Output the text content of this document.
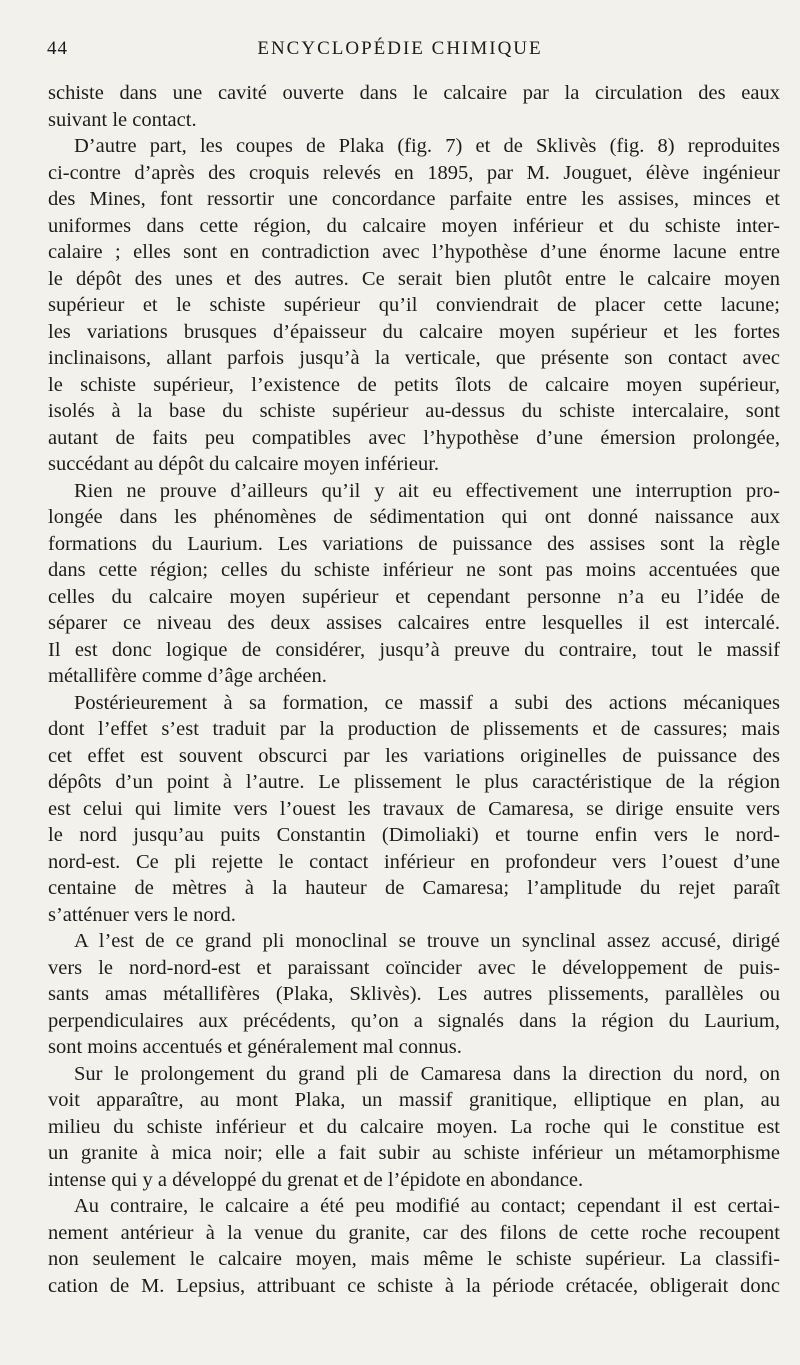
44	ENCYCLOPÉDIE CHIMIQUE

schiste dans une cavité ouverte dans le calcaire par la circulation des eaux
suivant le contact.

D’autre part, les coupes de Plaka (fig. 7) et de Sklivès (fig. 8) reproduites
ci-contre d’après des croquis relevés en 1895, par M. Jouguet, élève ingénieur
des Mines, font ressortir une concordance parfaite entre les assises, minces et
uniformes dans cette région, du calcaire moyen inférieur et du schiste inter-
calaire ; elles sont en contradiction avec l’hypothèse d’une énorme lacune entre
le dépôt des unes et des autres. Ce serait bien plutôt entre le calcaire moyen
supérieur et le schiste supérieur qu’il conviendrait de placer cette lacune;
les variations brusques d’épaisseur du calcaire moyen supérieur et les fortes
inclinaisons, allant parfois jusqu’à la verticale, que présente son contact avec
le schiste supérieur, l’existence de petits îlots de calcaire moyen supérieur,
isolés à la base du schiste supérieur au-dessus du schiste intercalaire, sont
autant de faits peu compatibles avec l’hypothèse d’une émersion prolongée,
succédant au dépôt du calcaire moyen inférieur.

Rien ne prouve d’ailleurs qu’il y ait eu effectivement une interruption pro-
longée dans les phénomènes de sédimentation qui ont donné naissance aux
formations du Laurium. Les variations de puissance des assises sont la règle
dans cette région; celles du schiste inférieur ne sont pas moins accentuées que
celles du calcaire moyen supérieur et cependant personne n’a eu l’idée de
séparer ce niveau des deux assises calcaires entre lesquelles il est intercalé.
Il est donc logique de considérer, jusqu’à preuve du contraire, tout le massif
métallifère comme d’âge archéen.

Postérieurement à sa formation, ce massif a subi des actions mécaniques
dont l’effet s’est traduit par la production de plissements et de cassures; mais
cet effet est souvent obscurci par les variations originelles de puissance des
dépôts d’un point à l’autre. Le plissement le plus caractéristique de la région
est celui qui limite vers l’ouest les travaux de Camaresa, se dirige ensuite vers
le nord jusqu’au puits Constantin (Dimoliaki) et tourne enfin vers le nord-
nord-est. Ce pli rejette le contact inférieur en profondeur vers l’ouest d’une
centaine de mètres à la hauteur de Camaresa; l’amplitude du rejet paraît
s’atténuer vers le nord.

A l’est de ce grand pli monoclinal se trouve un synclinal assez accusé, dirigé
vers le nord-nord-est et paraissant coïncider avec le développement de puis-
sants amas métallifères (Plaka, Sklivès). Les autres plissements, parallèles ou
perpendiculaires aux précédents, qu’on a signalés dans la région du Laurium,
sont moins accentués et généralement mal connus.

Sur le prolongement du grand pli de Camaresa dans la direction du nord, on
voit apparaître, au mont Plaka, un massif granitique, elliptique en plan, au
milieu du schiste inférieur et du calcaire moyen. La roche qui le constitue est
un granite à mica noir; elle a fait subir au schiste inférieur un métamorphisme
intense qui y a développé du grenat et de l’épidote en abondance.

Au contraire, le calcaire a été peu modifié au contact; cependant il est certai-
nement antérieur à la venue du granite, car des filons de cette roche recoupent
non seulement le calcaire moyen, mais même le schiste supérieur. La classifi-
cation de M. Lepsius, attribuant ce schiste à la période crétacée, obligerait donc
